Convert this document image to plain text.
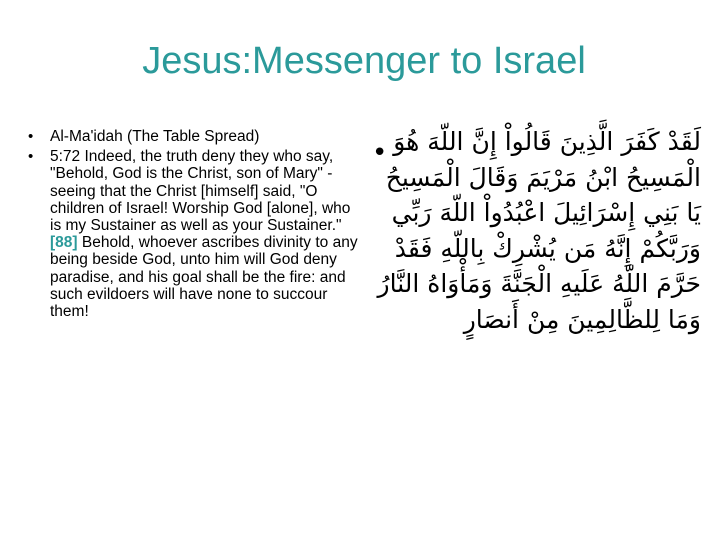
Jesus:Messenger to Israel
• Al-Ma'idah (The Table Spread)
• 5:72 Indeed, the truth deny they who say, "Behold, God is the Christ, son of Mary" - seeing that the Christ [himself] said, "O children of Israel! Worship God [alone], who is my Sustainer as well as your Sustainer." [88] Behold, whoever ascribes divinity to any being beside God, unto him will God deny paradise, and his goal shall be the fire: and such evildoers will have none to succour them!
• لَقَدْ كَفَرَ الَّذِينَ قَالُواْ إِنَّ اللّهَ هُوَ الْمَسِيحُ ابْنُ مَرْيَمَ وَقَالَ الْمَسِيحُ يَا بَنِي إِسْرَائِيلَ اعْبُدُواْ اللّهَ رَبِّي وَرَبَّكُمْ إِنَّهُ مَن يُشْرِكْ بِاللّهِ فَقَدْ حَرَّمَ اللّهُ عَلَيهِ الْجَنَّةَ وَمَأْوَاهُ النَّارُ وَمَا لِلظَّالِمِينَ مِنْ أَنصَارٍ
